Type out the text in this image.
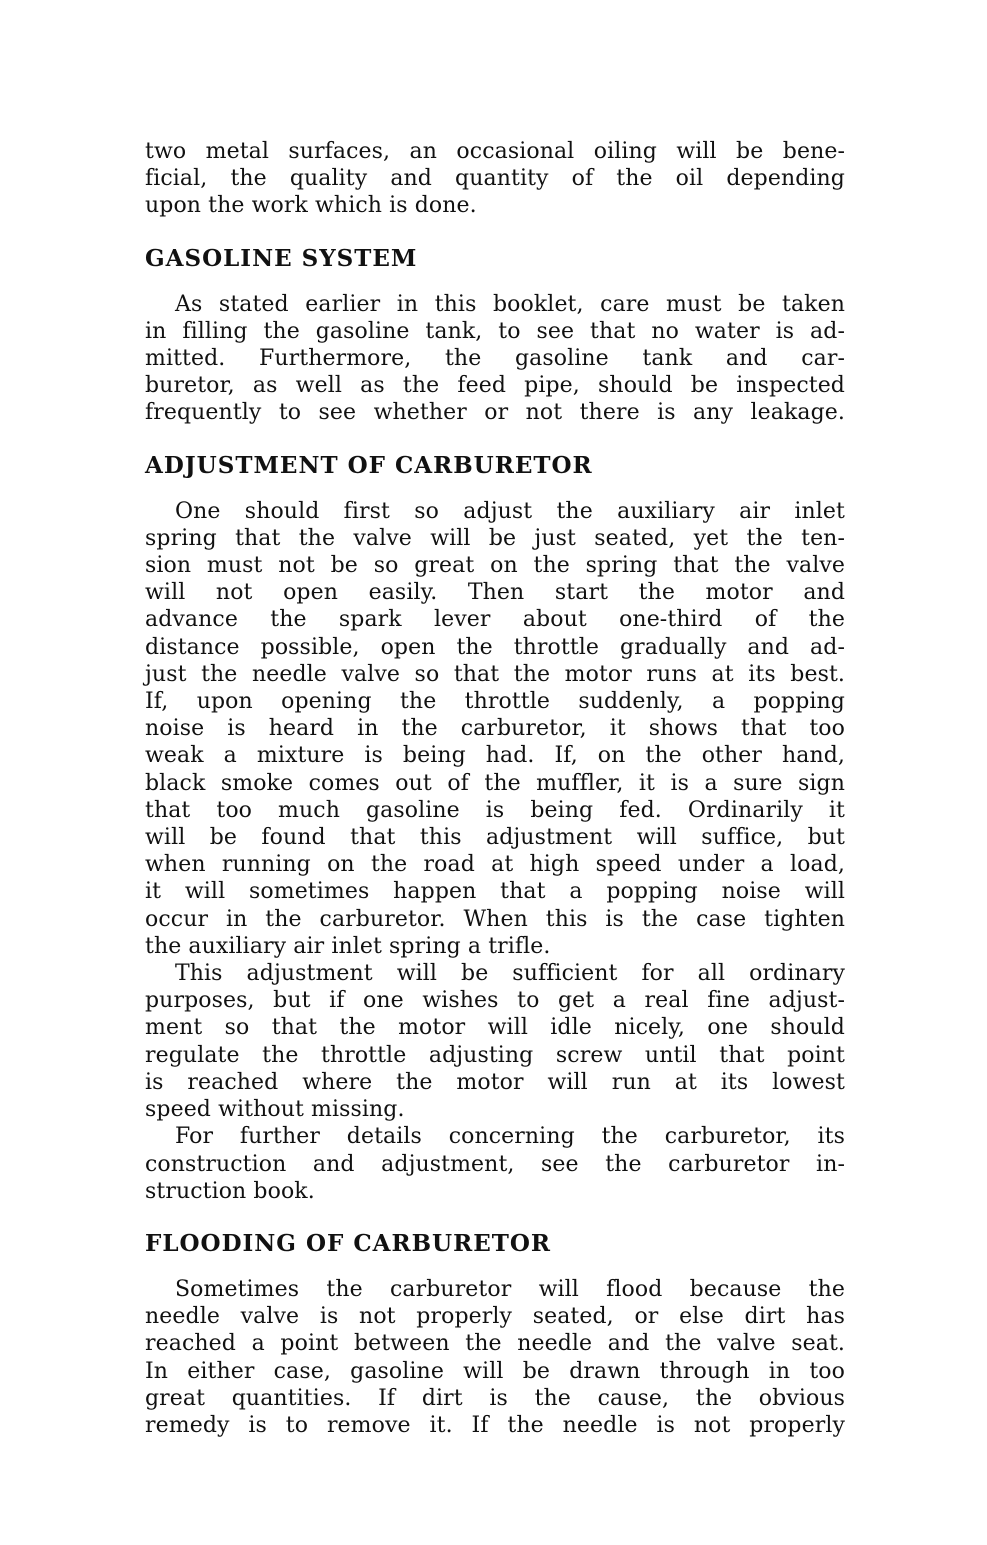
two metal surfaces, an occasional oiling will be bene-
ficial, the quality and quantity of the oil depending
upon the work which is done.

GASOLINE SYSTEM

As stated earlier in this booklet, care must be taken
in filling the gasoline tank, to see that no water is ad-
mitted. Furthermore, the gasoline tank and car-
buretor, as well as the feed pipe, should be inspected
frequently to see whether or not there is any leakage.

ADJUSTMENT OF CARBURETOR

One should first so adjust the auxiliary air inlet
spring that the valve will be just seated, yet the ten-
sion must not be so great on the spring that the valve
will not open easily. Then start the motor and
advance the spark lever about one-third of the
distance possible, open the throttle gradually and ad-
just the needle valve so that the motor runs at its best.
If, upon opening the throttle suddenly, a popping
noise is heard in the carburetor, it shows that too
weak a mixture is being had. If, on the other hand,
black smoke comes out of the muffler, it is a sure sign
that too much gasoline is being fed. Ordinarily it
will be found that this adjustment will suffice, but
when running on the road at high speed under a load,
it will sometimes happen that a popping noise will
occur in the carburetor. When this is the case tighten
the auxiliary air inlet spring a trifle.

This adjustment will be sufficient for all ordinary
purposes, but if one wishes to get a real fine adjust-
ment so that the motor will idle nicely, one should
regulate the throttle adjusting screw until that point
is reached where the motor will run at its lowest
speed without missing.

For further details concerning the carburetor, its
construction and adjustment, see the carburetor in-
struction book.

FLOODING OF CARBURETOR

Sometimes the carburetor will flood because the
needle valve is not properly seated, or else dirt has
reached a point between the needle and the valve seat.
In either case, gasoline will be drawn through in too
great quantities. If dirt is the cause, the obvious
remedy is to remove it. If the needle is not properly
